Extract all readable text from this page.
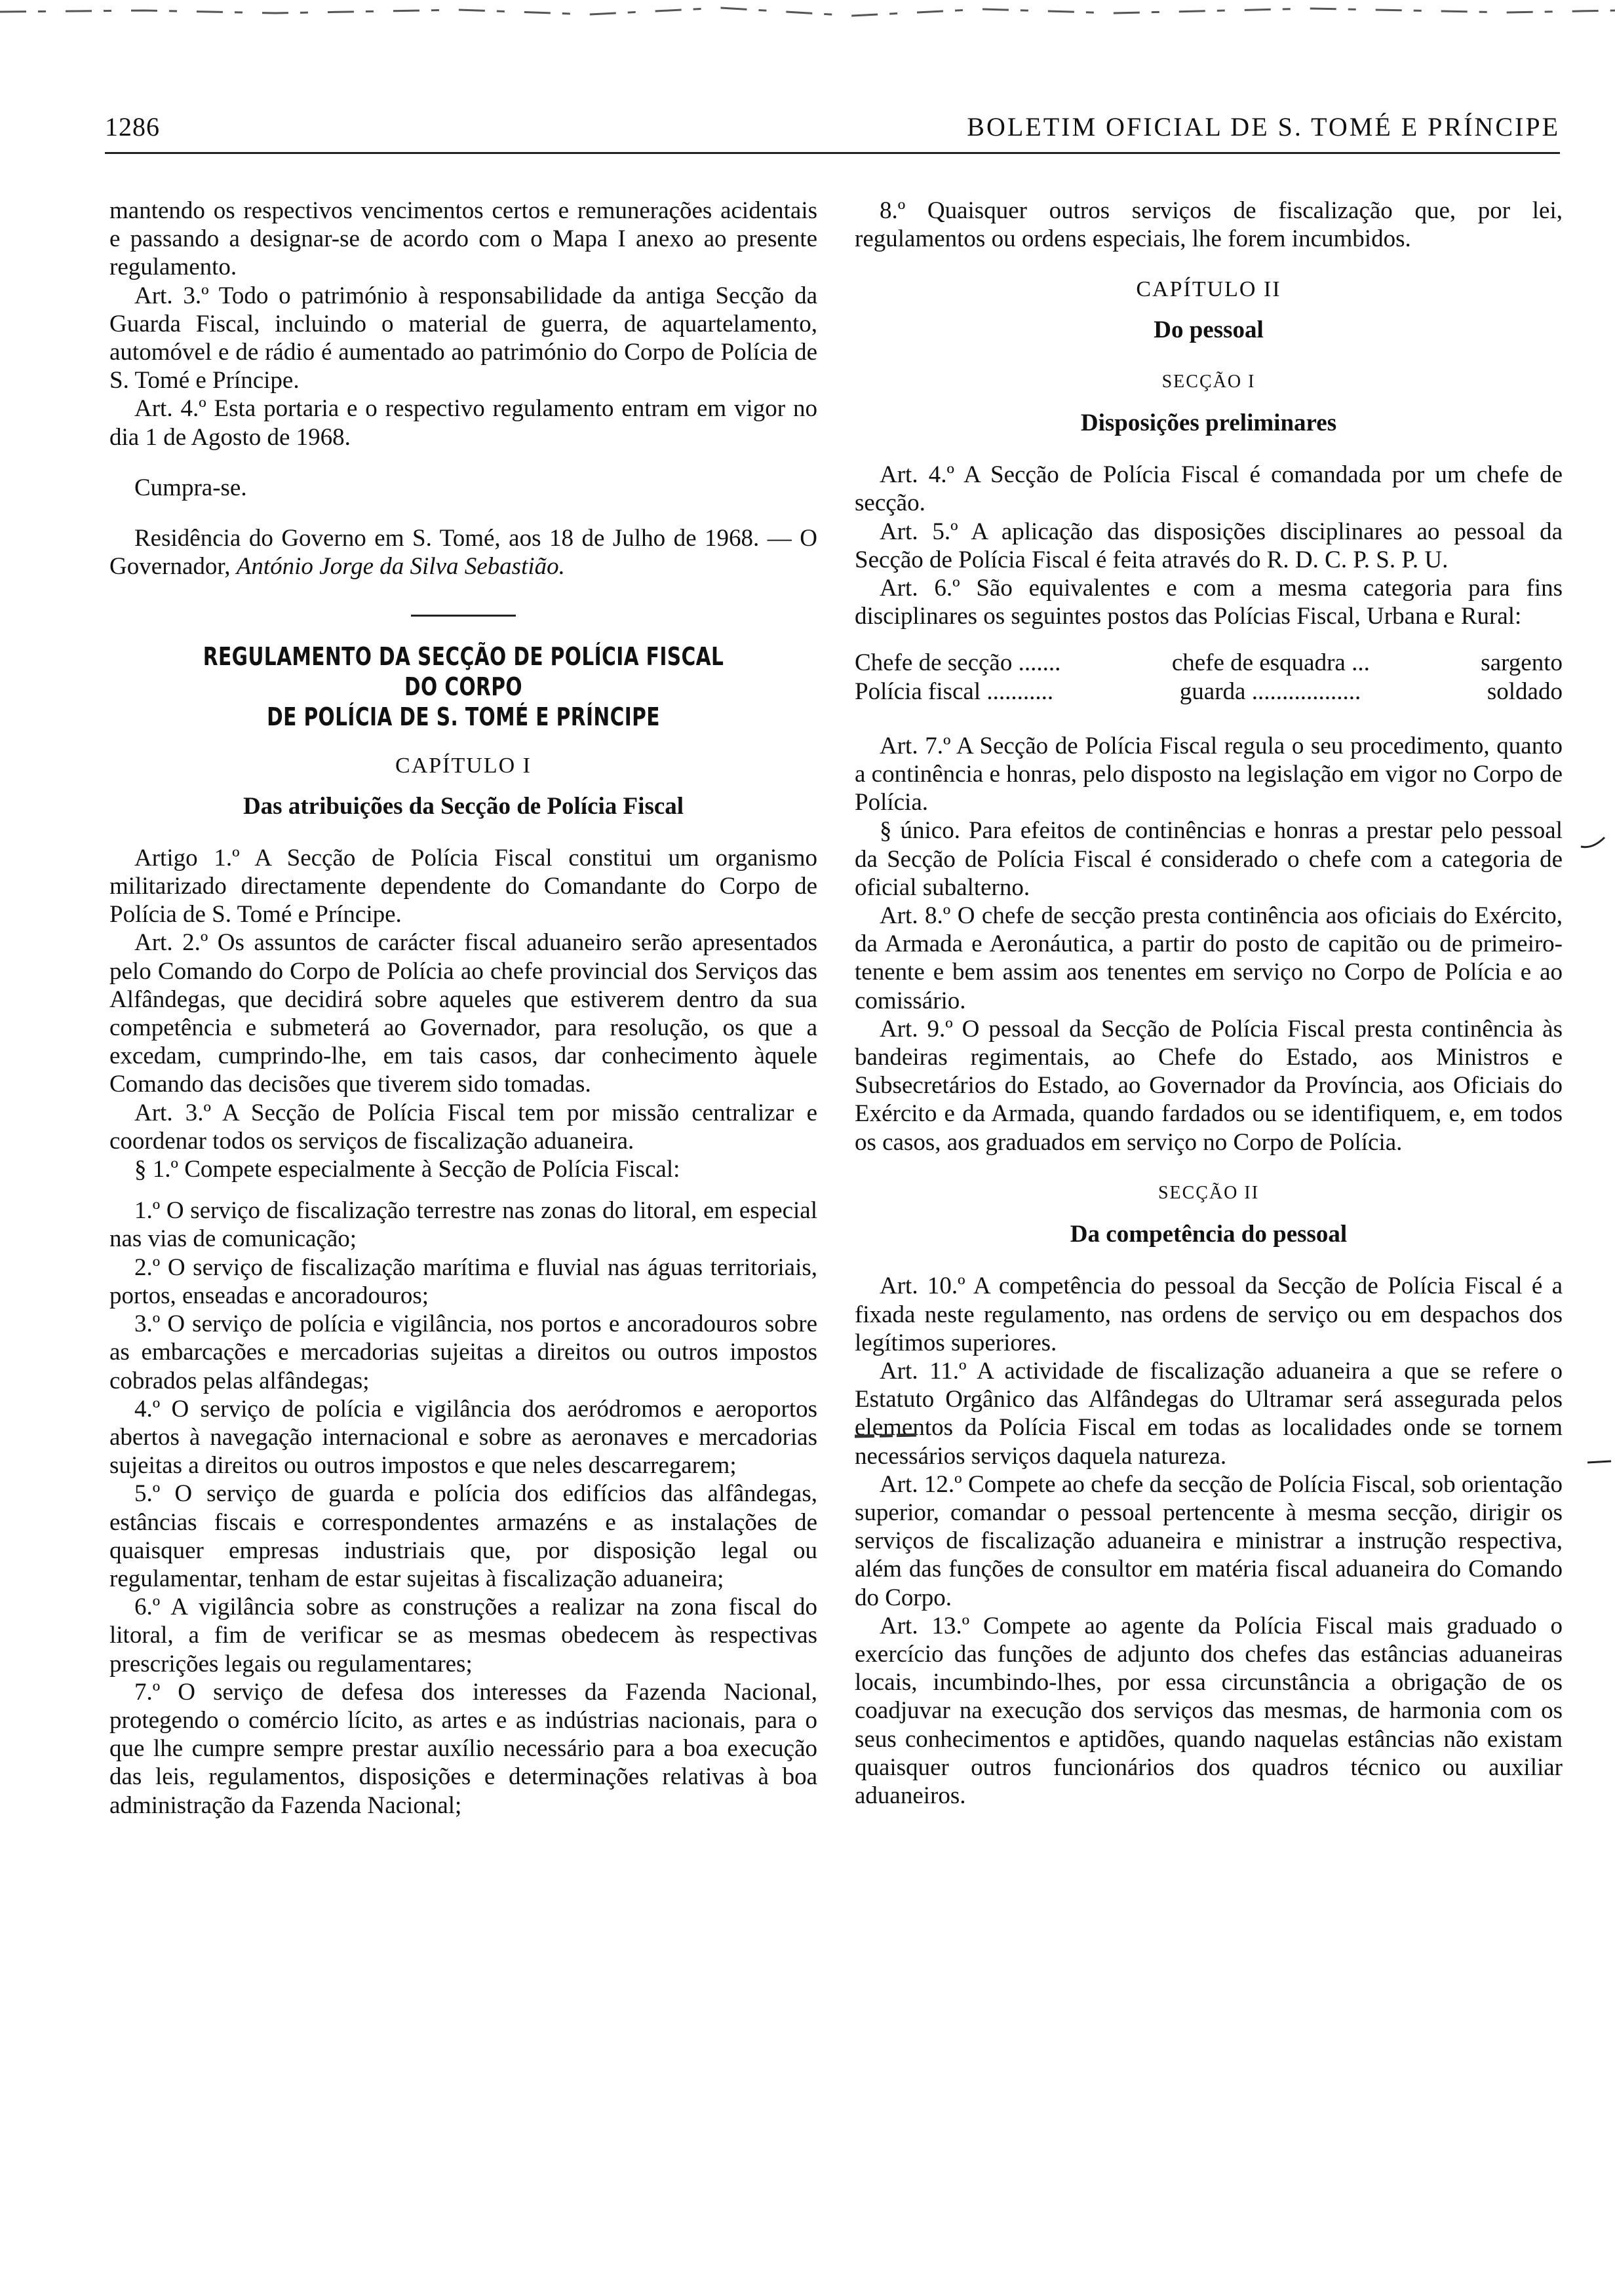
1286	BOLETIM OFICIAL DE S. TOMÉ E PRÍNCIPE

mantendo os respectivos vencimentos certos e remunerações acidentais e passando a designar-se de acordo com o Mapa I anexo ao presente regulamento.

Art. 3.º Todo o património à responsabilidade da antiga Secção da Guarda Fiscal, incluindo o material de guerra, de aquartelamento, automóvel e de rádio é aumentado ao património do Corpo de Polícia de S. Tomé e Príncipe.

Art. 4.º Esta portaria e o respectivo regulamento entram em vigor no dia 1 de Agosto de 1968.

Cumpra-se.

Residência do Governo em S. Tomé, aos 18 de Julho de 1968. — O Governador, António Jorge da Silva Sebastião.

REGULAMENTO DA SECÇÃO DE POLÍCIA FISCAL DO CORPO
DE POLÍCIA DE S. TOMÉ E PRÍNCIPE
CAPÍTULO I
Das atribuições da Secção de Polícia Fiscal

Artigo 1.º A Secção de Polícia Fiscal constitui um organismo militarizado directamente dependente do Comandante do Corpo de Polícia de S. Tomé e Príncipe.

Art. 2.º Os assuntos de carácter fiscal aduaneiro serão apresentados pelo Comando do Corpo de Polícia ao chefe provincial dos Serviços das Alfândegas, que decidirá sobre aqueles que estiverem dentro da sua competência e submeterá ao Governador, para resolução, os que a excedam, cumprindo-lhe, em tais casos, dar conhecimento àquele Comando das decisões que tiverem sido tomadas.

Art. 3.º A Secção de Polícia Fiscal tem por missão centralizar e coordenar todos os serviços de fiscalização aduaneira.

§ 1.º Compete especialmente à Secção de Polícia Fiscal:

1.º O serviço de fiscalização terrestre nas zonas do litoral, em especial nas vias de comunicação;

2.º O serviço de fiscalização marítima e fluvial nas águas territoriais, portos, enseadas e ancoradouros;

3.º O serviço de polícia e vigilância, nos portos e ancoradouros sobre as embarcações e mercadorias sujeitas a direitos ou outros impostos cobrados pelas alfândegas;

4.º O serviço de polícia e vigilância dos aeródromos e aeroportos abertos à navegação internacional e sobre as aeronaves e mercadorias sujeitas a direitos ou outros impostos e que neles descarregarem;

5.º O serviço de guarda e polícia dos edifícios das alfândegas, estâncias fiscais e correspondentes armazéns e as instalações de quaisquer empresas industriais que, por disposição legal ou regulamentar, tenham de estar sujeitas à fiscalização aduaneira;

6.º A vigilância sobre as construções a realizar na zona fiscal do litoral, a fim de verificar se as mesmas obedecem às respectivas prescrições legais ou regulamentares;

7.º O serviço de defesa dos interesses da Fazenda Nacional, protegendo o comércio lícito, as artes e as indústrias nacionais, para o que lhe cumpre sempre prestar auxílio necessário para a boa execução das leis, regulamentos, disposições e determinações relativas à boa administração da Fazenda Nacional;

8.º Quaisquer outros serviços de fiscalização que, por lei, regulamentos ou ordens especiais, lhe forem incumbidos.

CAPÍTULO II
Do pessoal
SECÇÃO I
Disposições preliminares

Art. 4.º A Secção de Polícia Fiscal é comandada por um chefe de secção.

Art. 5.º A aplicação das disposições disciplinares ao pessoal da Secção de Polícia Fiscal é feita através do R. D. C. P. S. P. U.

Art. 6.º São equivalentes e com a mesma categoria para fins disciplinares os seguintes postos das Polícias Fiscal, Urbana e Rural:

Chefe de secção .......	chefe de esquadra ...	sargento
Polícia fiscal ...........	guarda ..................	soldado

Art. 7.º A Secção de Polícia Fiscal regula o seu procedimento, quanto a continência e honras, pelo disposto na legislação em vigor no Corpo de Polícia.

§ único. Para efeitos de continências e honras a prestar pelo pessoal da Secção de Polícia Fiscal é considerado o chefe com a categoria de oficial subalterno.

Art. 8.º O chefe de secção presta continência aos oficiais do Exército, da Armada e Aeronáutica, a partir do posto de capitão ou de primeiro-tenente e bem assim aos tenentes em serviço no Corpo de Polícia e ao comissário.

Art. 9.º O pessoal da Secção de Polícia Fiscal presta continência às bandeiras regimentais, ao Chefe do Estado, aos Ministros e Subsecretários do Estado, ao Governador da Província, aos Oficiais do Exército e da Armada, quando fardados ou se identifiquem, e, em todos os casos, aos graduados em serviço no Corpo de Polícia.

SECÇÃO II
Da competência do pessoal

Art. 10.º A competência do pessoal da Secção de Polícia Fiscal é a fixada neste regulamento, nas ordens de serviço ou em despachos dos legítimos superiores.

Art. 11.º A actividade de fiscalização aduaneira a que se refere o Estatuto Orgânico das Alfândegas do Ultramar será assegurada pelos elementos da Polícia Fiscal em todas as localidades onde se tornem necessários serviços daquela natureza.

Art. 12.º Compete ao chefe da secção de Polícia Fiscal, sob orientação superior, comandar o pessoal pertencente à mesma secção, dirigir os serviços de fiscalização aduaneira e ministrar a instrução respectiva, além das funções de consultor em matéria fiscal aduaneira do Comando do Corpo.

Art. 13.º Compete ao agente da Polícia Fiscal mais graduado o exercício das funções de adjunto dos chefes das estâncias aduaneiras locais, incumbindo-lhes, por essa circunstância a obrigação de os coadjuvar na execução dos serviços das mesmas, de harmonia com os seus conhecimentos e aptidões, quando naquelas estâncias não existam quaisquer outros funcionários dos quadros técnico ou auxiliar aduaneiros.
